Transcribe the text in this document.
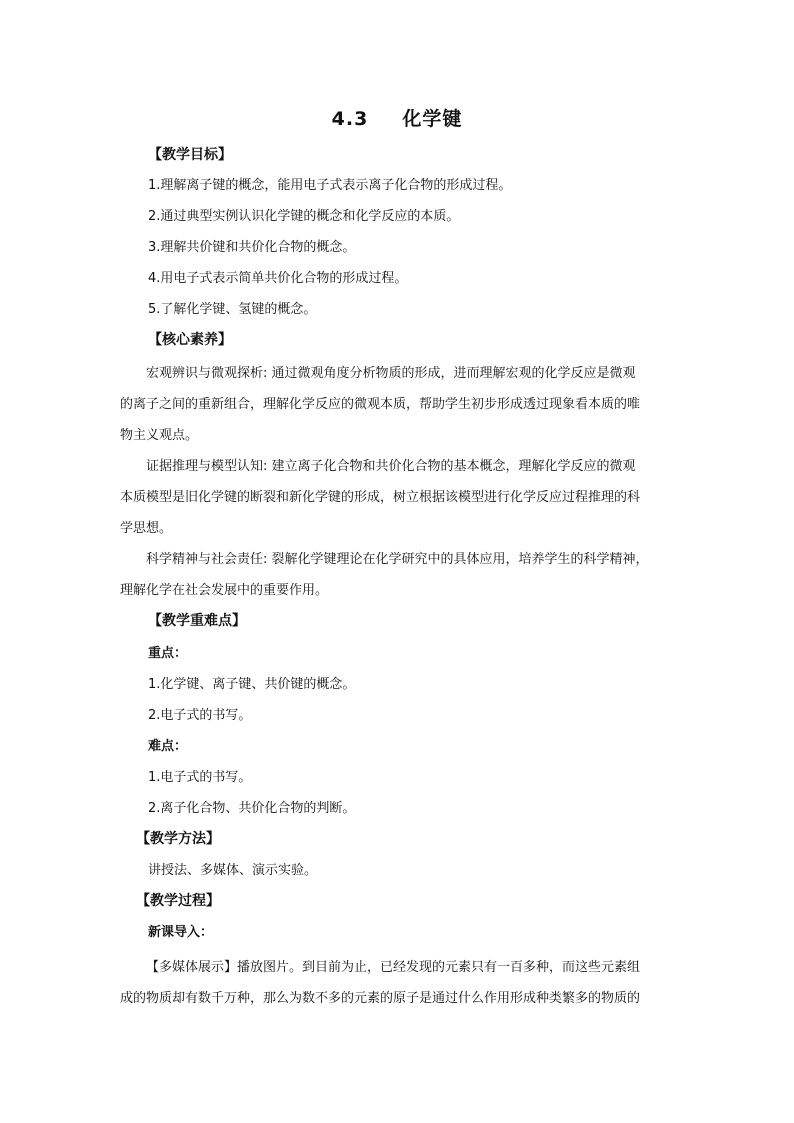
4.3 化学键
【教学目标】
1.理解离子键的概念，能用电子式表示离子化合物的形成过程。
2.通过典型实例认识化学键的概念和化学反应的本质。
3.理解共价键和共价化合物的概念。
4.用电子式表示简单共价化合物的形成过程。
5.了解化学键、氢键的概念。
【核心素养】
宏观辨识与微观探析: 通过微观角度分析物质的形成，进而理解宏观的化学反应是微观
的离子之间的重新组合，理解化学反应的微观本质，帮助学生初步形成透过现象看本质的唯
物主义观点。
证据推理与模型认知: 建立离子化合物和共价化合物的基本概念，理解化学反应的微观
本质模型是旧化学键的断裂和新化学键的形成，树立根据该模型进行化学反应过程推理的科
学思想。
科学精神与社会责任: 裂解化学键理论在化学研究中的具体应用，培养学生的科学精神，
理解化学在社会发展中的重要作用。
【教学重难点】
重点：
1.化学键、离子键、共价键的概念。
2.电子式的书写。
难点：
1.电子式的书写。
2.离子化合物、共价化合物的判断。
【教学方法】
讲授法、多媒体、演示实验。
【教学过程】
新课导入：
【多媒体展示】播放图片。到目前为止，已经发现的元素只有一百多种，而这些元素组
成的物质却有数千万种，那么为数不多的元素的原子是通过什么作用形成种类繁多的物质的
